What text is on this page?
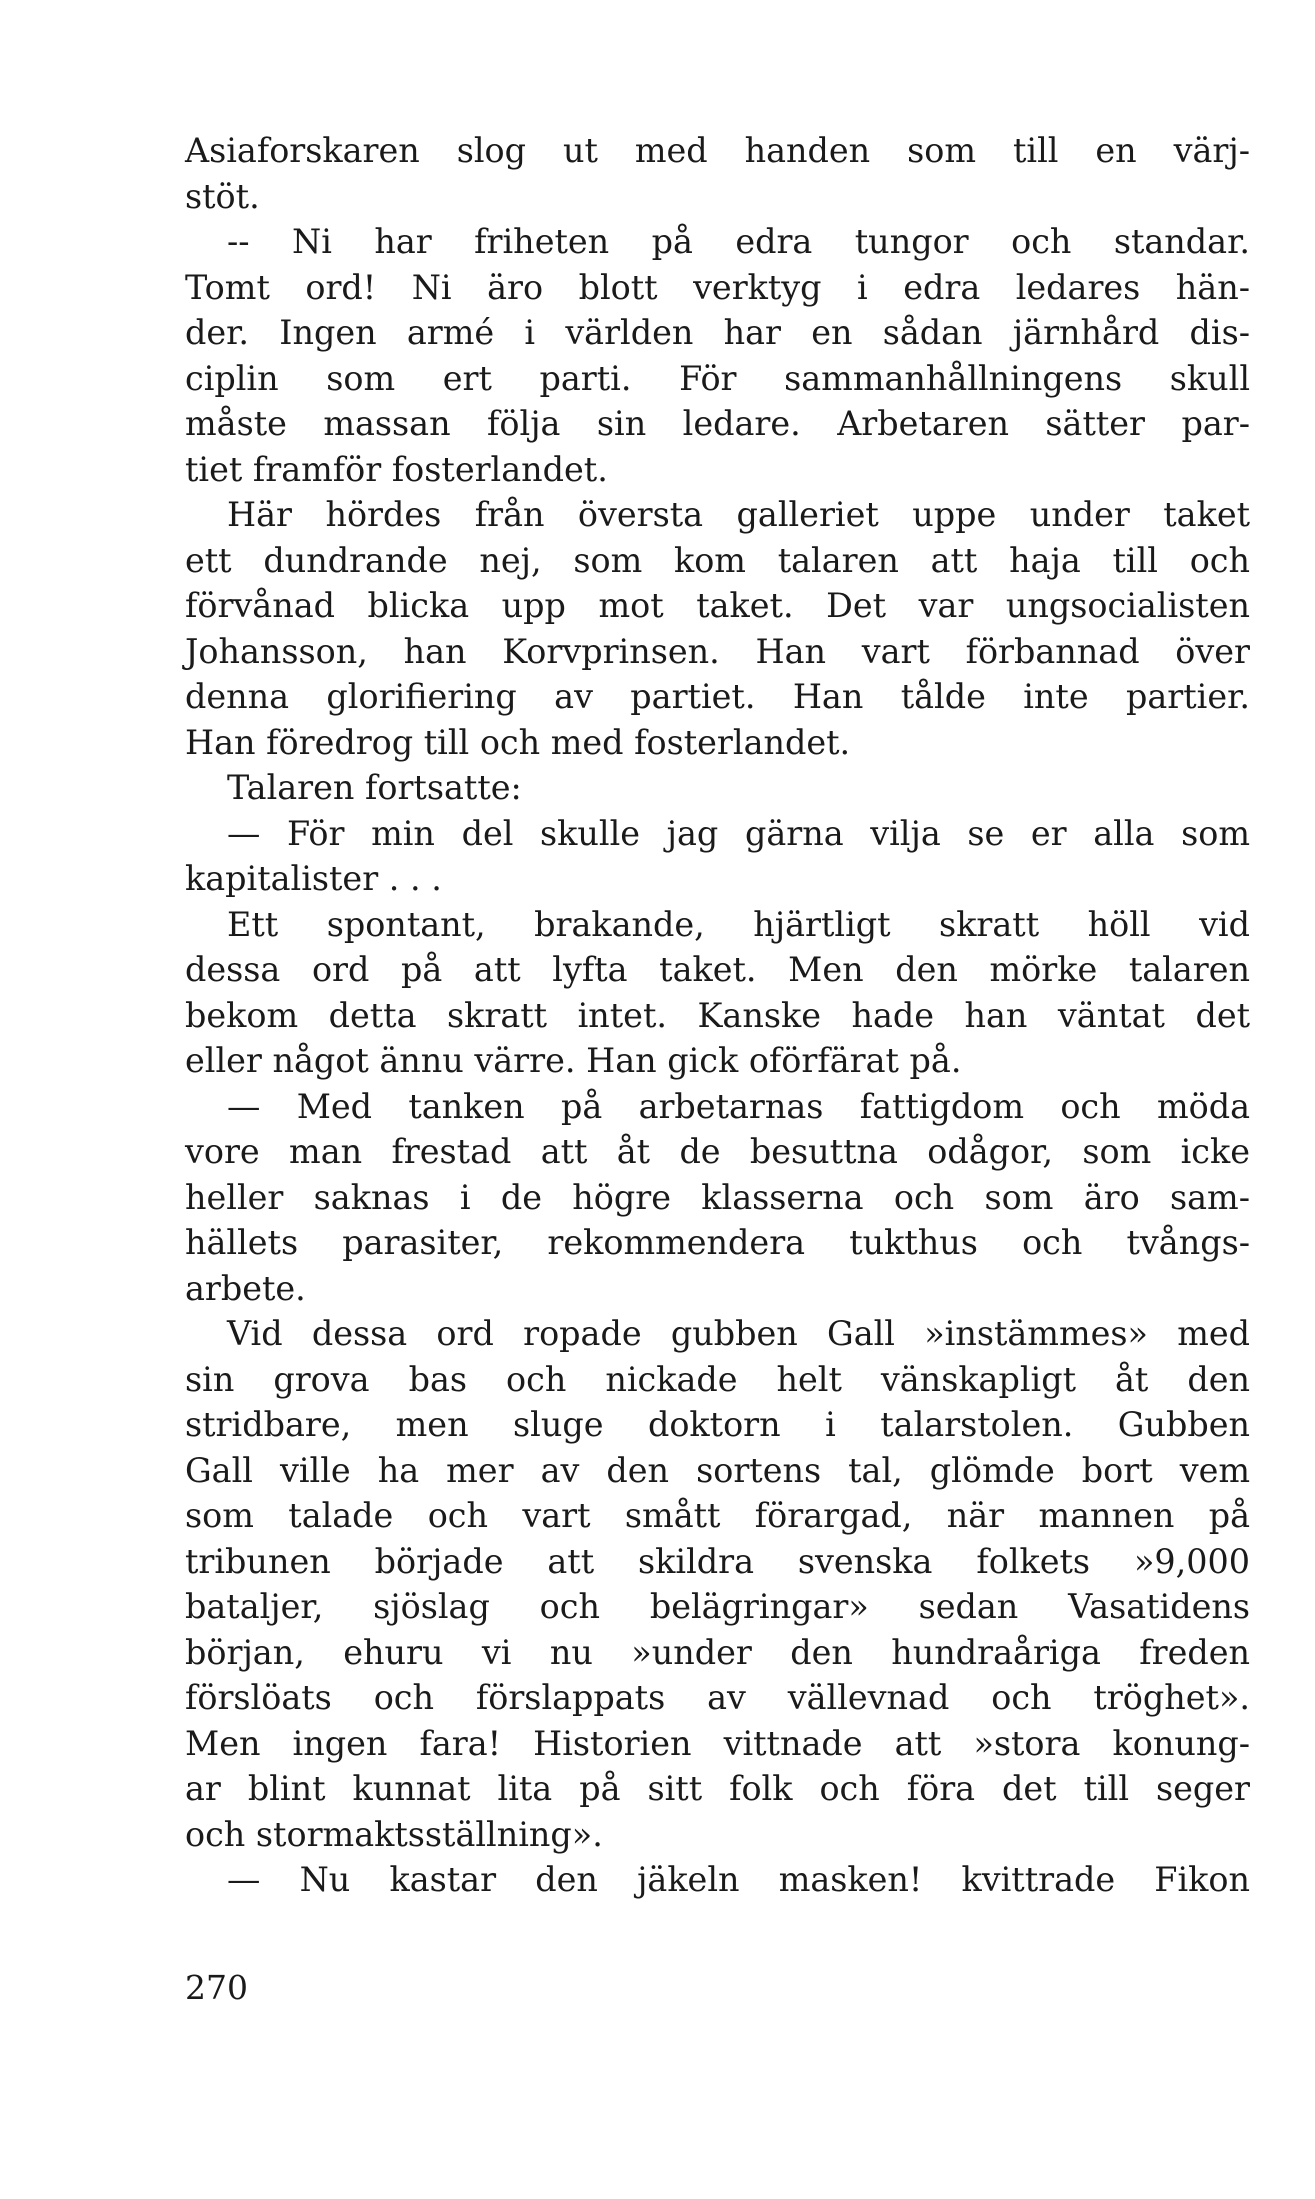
Asiaforskaren slog ut med handen som till en värj-
stöt.
-- Ni har friheten på edra tungor och standar.
Tomt ord! Ni äro blott verktyg i edra ledares hän-
der. Ingen armé i världen har en sådan järnhård dis-
ciplin som ert parti. För sammanhållningens skull
måste massan följa sin ledare. Arbetaren sätter par-
tiet framför fosterlandet.
Här hördes från översta galleriet uppe under taket
ett dundrande nej, som kom talaren att haja till och
förvånad blicka upp mot taket. Det var ungsocialisten
Johansson, han Korvprinsen. Han vart förbannad över
denna glorifiering av partiet. Han tålde inte partier.
Han föredrog till och med fosterlandet.
Talaren fortsatte:
— För min del skulle jag gärna vilja se er alla som
kapitalister . . .
Ett spontant, brakande, hjärtligt skratt höll vid
dessa ord på att lyfta taket. Men den mörke talaren
bekom detta skratt intet. Kanske hade han väntat det
eller något ännu värre. Han gick oförfärat på.
— Med tanken på arbetarnas fattigdom och möda
vore man frestad att åt de besuttna odågor, som icke
heller saknas i de högre klasserna och som äro sam-
hällets parasiter, rekommendera tukthus och tvångs-
arbete.
Vid dessa ord ropade gubben Gall »instämmes» med
sin grova bas och nickade helt vänskapligt åt den
stridbare, men sluge doktorn i talarstolen. Gubben
Gall ville ha mer av den sortens tal, glömde bort vem
som talade och vart smått förargad, när mannen på
tribunen började att skildra svenska folkets »9,000
bataljer, sjöslag och belägringar» sedan Vasatidens
början, ehuru vi nu »under den hundraåriga freden
förslöats och förslappats av vällevnad och tröghet».
Men ingen fara! Historien vittnade att »stora konung-
ar blint kunnat lita på sitt folk och föra det till seger
och stormaktsställning».
— Nu kastar den jäkeln masken! kvittrade Fikon
270
